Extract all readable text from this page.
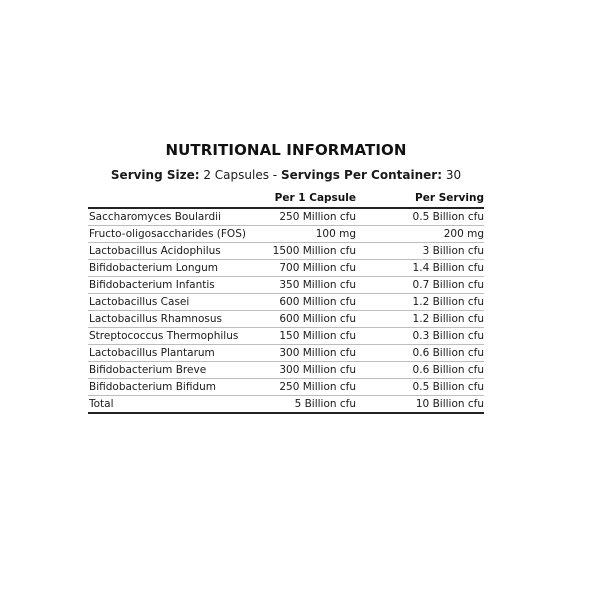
NUTRITIONAL INFORMATION
Serving Size: 2 Capsules - Servings Per Container: 30
	Per 1 Capsule	Per Serving
Saccharomyces Boulardii	250 Million cfu	0.5 Billion cfu
Fructo-oligosaccharides (FOS)	100 mg	200 mg
Lactobacillus Acidophilus	1500 Million cfu	3 Billion cfu
Bifidobacterium Longum	700 Million cfu	1.4 Billion cfu
Bifidobacterium Infantis	350 Million cfu	0.7 Billion cfu
Lactobacillus Casei	600 Million cfu	1.2 Billion cfu
Lactobacillus Rhamnosus	600 Million cfu	1.2 Billion cfu
Streptococcus Thermophilus	150 Million cfu	0.3 Billion cfu
Lactobacillus Plantarum	300 Million cfu	0.6 Billion cfu
Bifidobacterium Breve	300 Million cfu	0.6 Billion cfu
Bifidobacterium Bifidum	250 Million cfu	0.5 Billion cfu
Total	5 Billion cfu	10 Billion cfu
